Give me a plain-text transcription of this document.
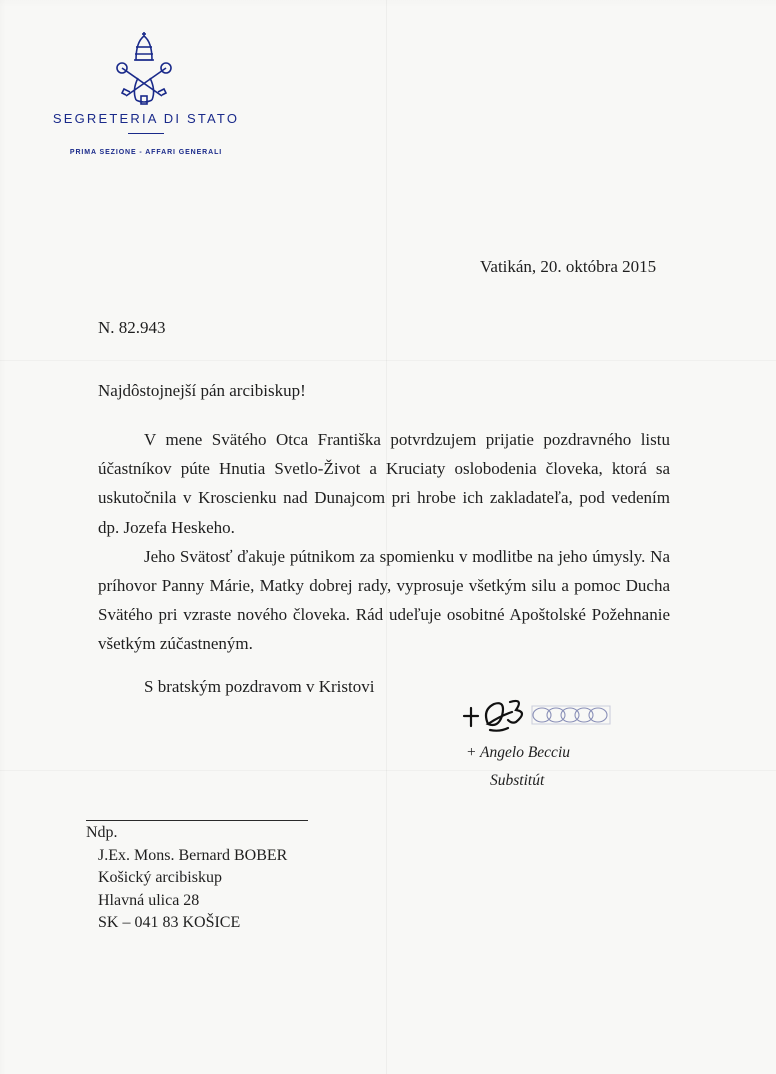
SEGRETERIA DI STATO
PRIMA SEZIONE - AFFARI GENERALI
Vatikán, 20. októbra 2015
N. 82.943
Najdôstojnejší pán arcibiskup!

V mene Svätého Otca Františka potvrdzujem prijatie pozdravného listu účastníkov púte Hnutia Svetlo-Život a Kruciaty oslobodenia človeka, ktorá sa uskutočnila v Kroscienku nad Dunajcom pri hrobe ich zakladateľa, pod vedením dp. Jozefa Heskeho.

Jeho Svätosť ďakuje pútnikom za spomienku v modlitbe na jeho úmysly. Na príhovor Panny Márie, Matky dobrej rady, vyprosuje všetkým silu a pomoc Ducha Svätého pri vzraste nového človeka. Rád udeľuje osobitné Apoštolské Požehnanie všetkým zúčastneným.

S bratským pozdravom v Kristovi
+ Angelo Becciu
Substitút
Ndp.
J.Ex. Mons. Bernard BOBER
Košický arcibiskup
Hlavná ulica 28
SK – 041 83 KOŠICE
